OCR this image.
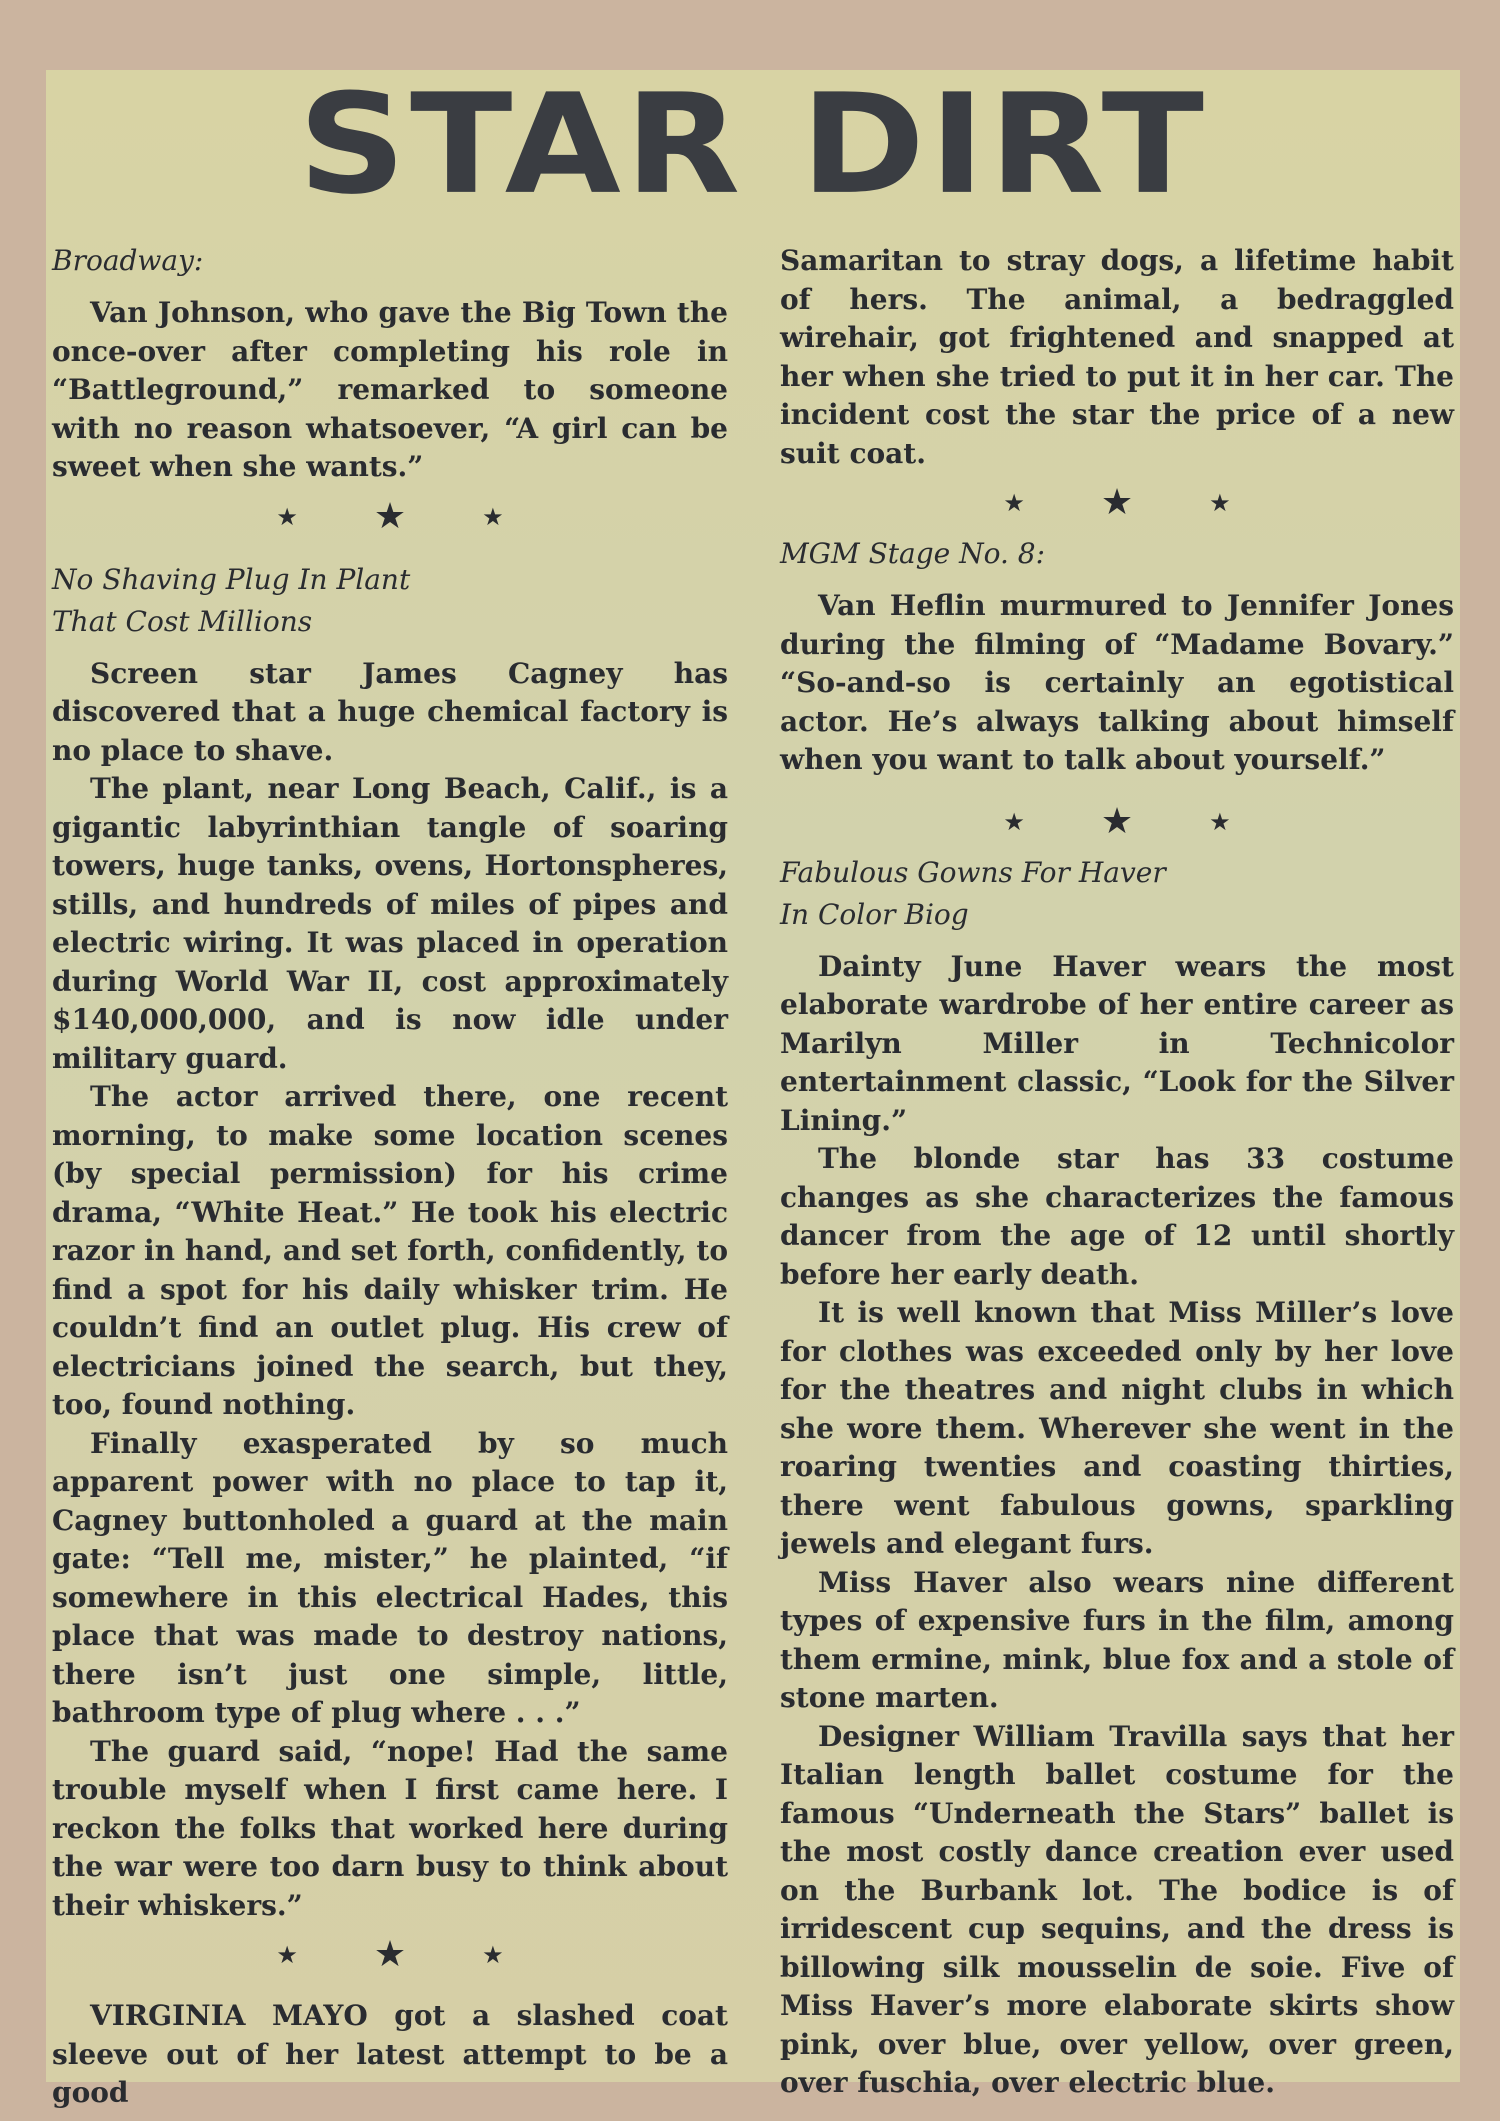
STAR DIRT
Broadway:

Van Johnson, who gave the Big Town the once-over after completing his role in “Battleground,” remarked to someone with no reason whatsoever, “A girl can be sweet when she wants.”

★ ★	★
No Shaving Plug In Plant
That Cost Millions

Screen star James Cagney has discovered that a huge chemical factory is no place to shave.

The plant, near Long Beach, Calif., is a gigantic labyrinthian tangle of soaring towers, huge tanks, ovens, Hortonspheres, stills, and hundreds of miles of pipes and electric wiring. It was placed in operation during World War II, cost approximately $140,000,000, and is now idle under military guard.

The actor arrived there, one recent morning, to make some location scenes (by special permission) for his crime drama, “White Heat.” He took his electric razor in hand, and set forth, confidently, to find a spot for his daily whisker trim. He couldn’t find an outlet plug. His crew of electricians joined the search, but they, too, found nothing.

Finally exasperated by so much apparent power with no place to tap it, Cagney buttonholed a guard at the main gate: “Tell me, mister,” he plainted, “if somewhere in this electrical Hades, this place that was made to destroy nations, there isn’t just one simple, little, bathroom type of plug where . . .”

The guard said, “nope! Had the same trouble myself when I first came here. I reckon the folks that worked here during the war were too darn busy to think about their whiskers.”

★ ★	★

VIRGINIA MAYO got a slashed coat sleeve out of her latest attempt to be a good

Samaritan to stray dogs, a lifetime habit of hers. The animal, a bedraggled wirehair, got frightened and snapped at her when she tried to put it in her car. The incident cost the star the price of a new suit coat.

★ ★	★
MGM Stage No. 8:

Van Heflin murmured to Jennifer Jones during the filming of “Madame Bovary.” “So-and-so is certainly an egotistical actor. He’s always talking about himself when you want to talk about yourself.”

★ ★	★
Fabulous Gowns For Haver
In Color Biog

Dainty June Haver wears the most elaborate wardrobe of her entire career as Marilyn Miller in Technicolor entertainment classic, “Look for the Silver Lining.”

The blonde star has 33 costume changes as she characterizes the famous dancer from the age of 12 until shortly before her early death.

It is well known that Miss Miller’s love for clothes was exceeded only by her love for the theatres and night clubs in which she wore them. Wherever she went in the roaring twenties and coasting thirties, there went fabulous gowns, sparkling jewels and elegant furs.

Miss Haver also wears nine different types of expensive furs in the film, among them ermine, mink, blue fox and a stole of stone marten.

Designer William Travilla says that her Italian length ballet costume for the famous “Underneath the Stars” ballet is the most costly dance creation ever used on the Burbank lot. The bodice is of irridescent cup sequins, and the dress is billowing silk mousselin de soie. Five of Miss Haver’s more elaborate skirts show pink, over blue, over yellow, over green, over fuschia, over electric blue.
